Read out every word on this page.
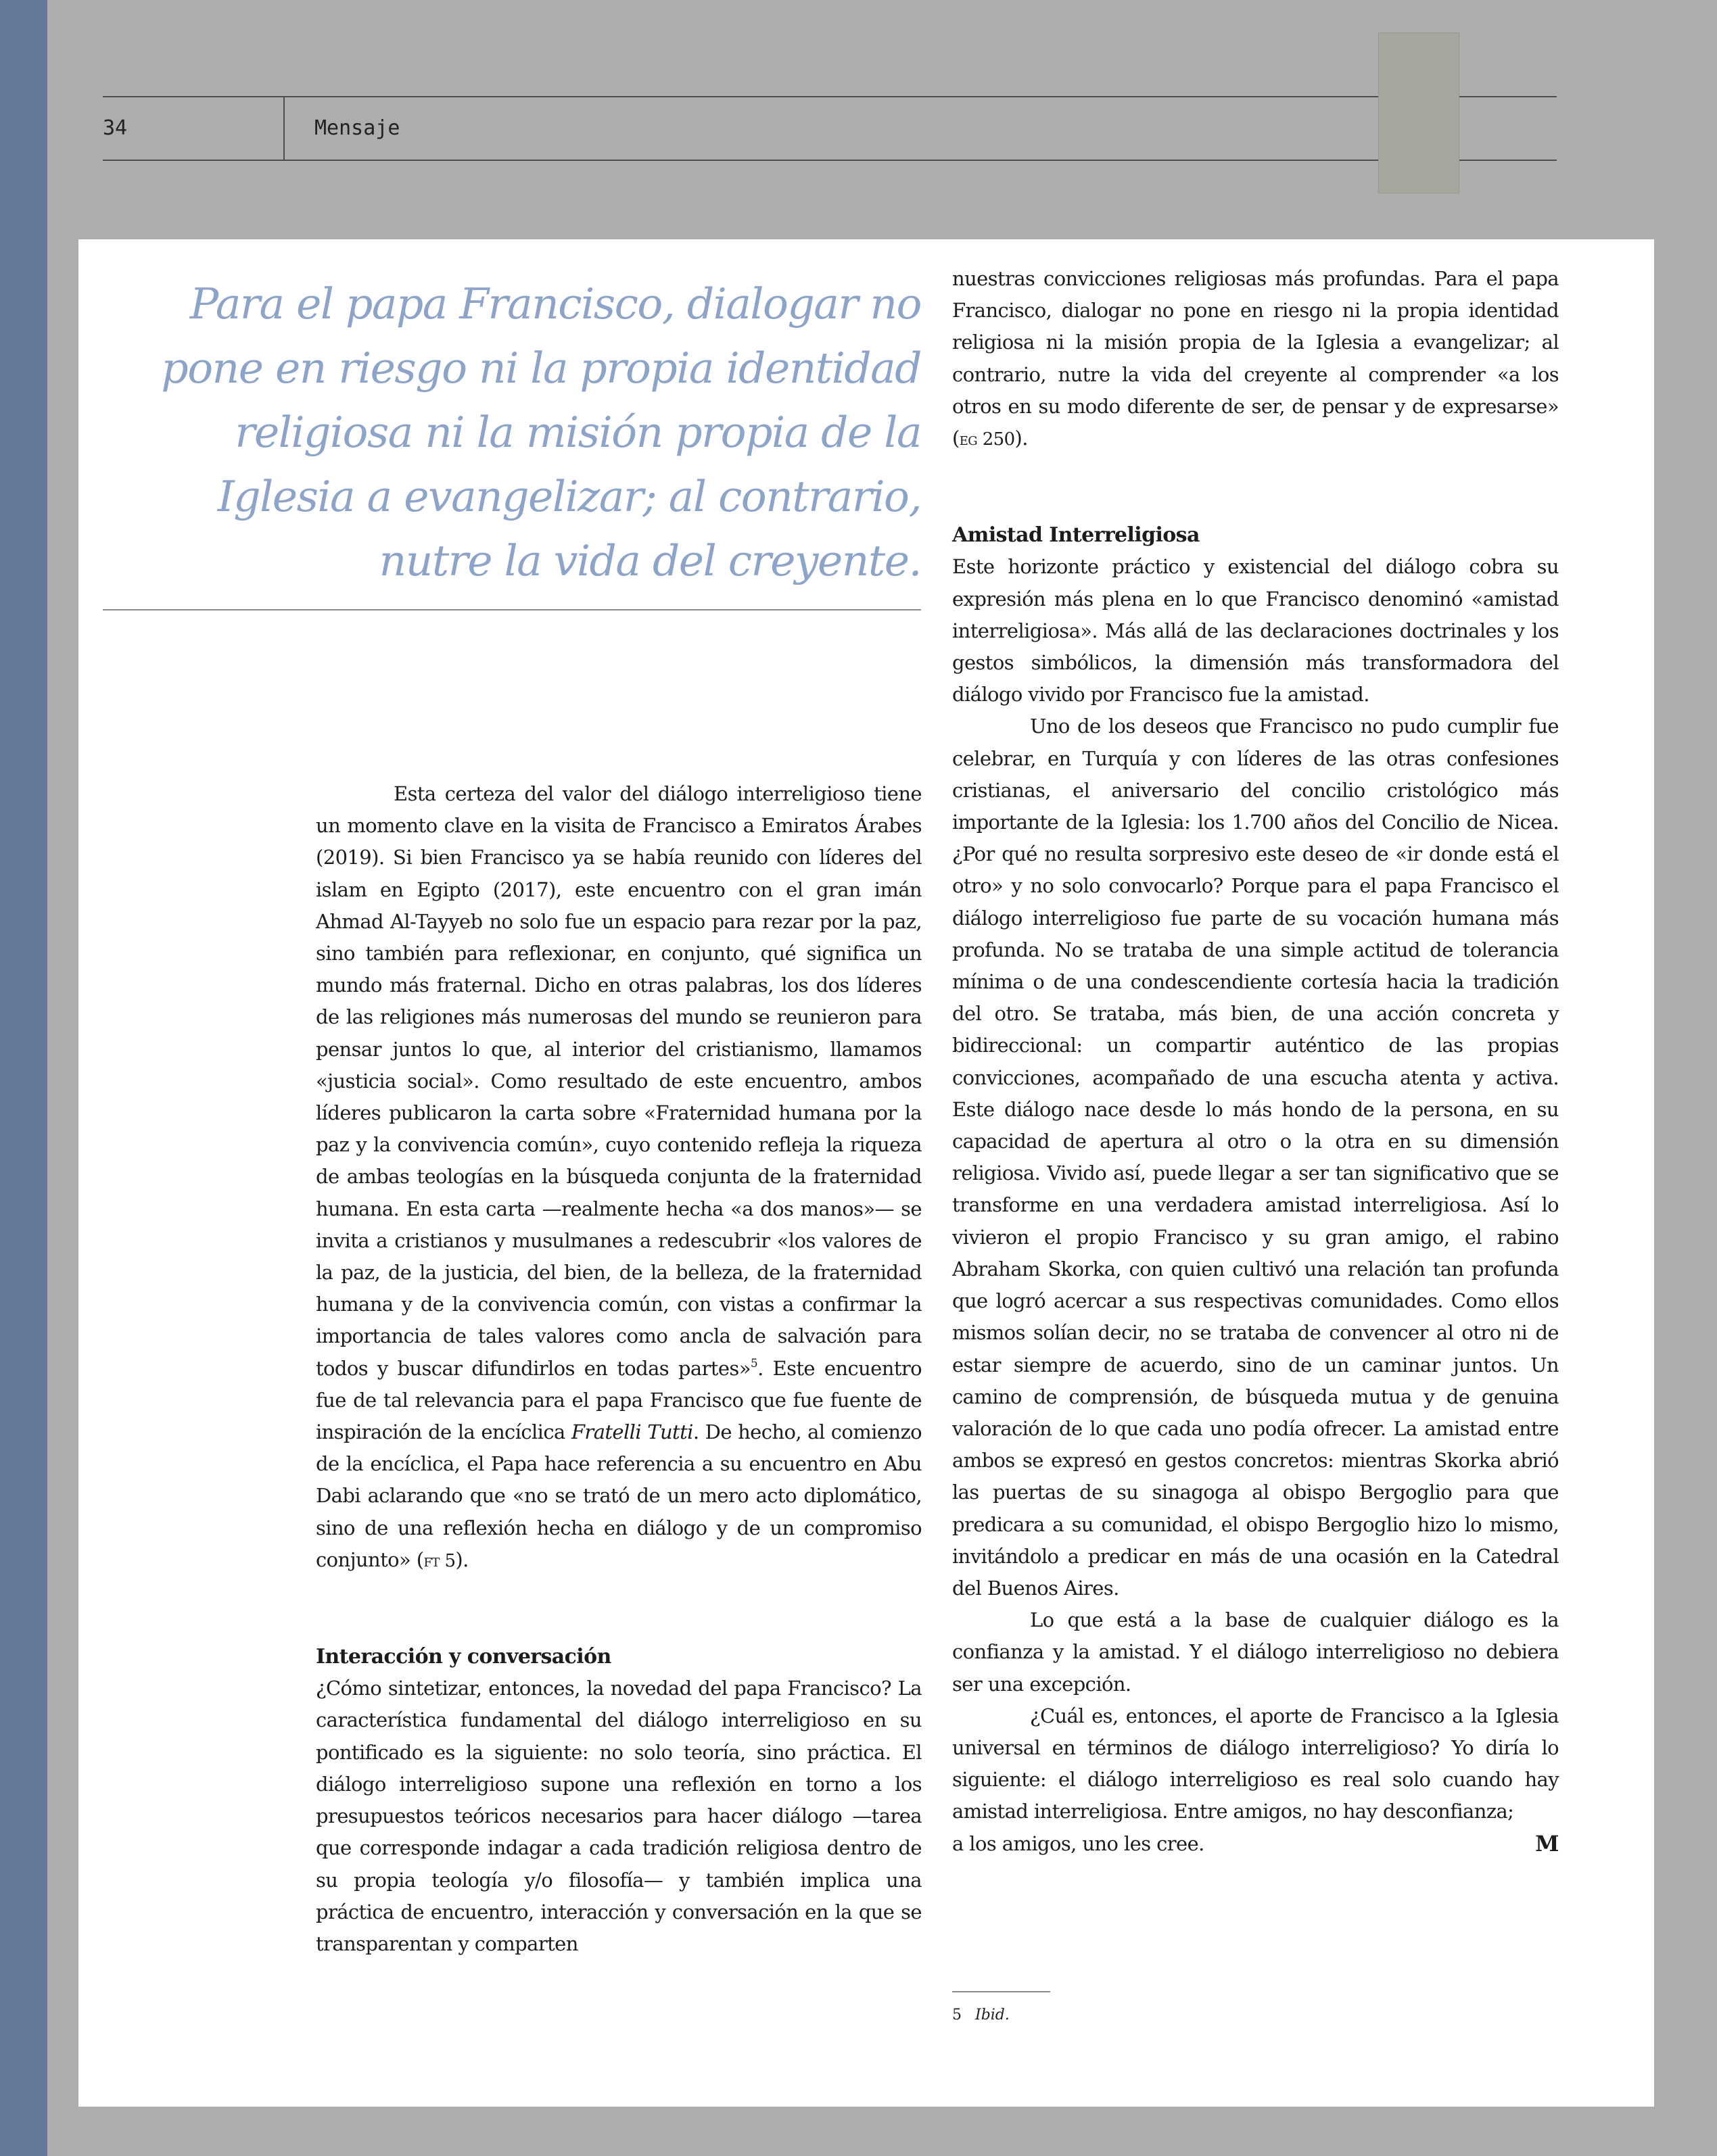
34	Mensaje
Para el papa Francisco, dialogar no pone en riesgo ni la propia identidad religiosa ni la misión propia de la Iglesia a evangelizar; al contrario, nutre la vida del creyente.

Esta certeza del valor del diálogo interreligioso tiene un momento clave en la visita de Francisco a Emiratos Árabes (2019). Si bien Francisco ya se había reunido con líderes del islam en Egipto (2017), este encuentro con el gran imán Ahmad Al-Tayyeb no solo fue un espacio para rezar por la paz, sino también para reflexionar, en conjunto, qué significa un mundo más fraternal. Dicho en otras palabras, los dos líderes de las religiones más numerosas del mundo se reunieron para pensar juntos lo que, al interior del cristianismo, llamamos «justicia social». Como resultado de este encuentro, ambos líderes publicaron la carta sobre «Fraternidad humana por la paz y la convivencia común», cuyo contenido refleja la riqueza de ambas teologías en la búsqueda conjunta de la fraternidad humana. En esta carta —realmente hecha «a dos manos»— se invita a cristianos y musulmanes a redescubrir «los valores de la paz, de la justicia, del bien, de la belleza, de la fraternidad humana y de la convivencia común, con vistas a confirmar la importancia de tales valores como ancla de salvación para todos y buscar difundirlos en todas partes»$^5$. Este encuentro fue de tal relevancia para el papa Francisco que fue fuente de inspiración de la encíclica Fratelli Tutti. De hecho, al comienzo de la encíclica, el Papa hace referencia a su encuentro en Abu Dabi aclarando que «no se trató de un mero acto diplomático, sino de una reflexión hecha en diálogo y de un compromiso conjunto» (ft 5).

Interacción y conversación

¿Cómo sintetizar, entonces, la novedad del papa Francisco? La característica fundamental del diálogo interreligioso en su pontificado es la siguiente: no solo teoría, sino práctica. El diálogo interreligioso supone una reflexión en torno a los presupuestos teóricos necesarios para hacer diálogo —tarea que corresponde indagar a cada tradición religiosa dentro de su propia teología y/o filosofía— y también implica una práctica de encuentro, interacción y conversación en la que se transparentan y comparten

nuestras convicciones religiosas más profundas. Para el papa Francisco, dialogar no pone en riesgo ni la propia identidad religiosa ni la misión propia de la Iglesia a evangelizar; al contrario, nutre la vida del creyente al comprender «a los otros en su modo diferente de ser, de pensar y de expresarse» (eg 250).

Amistad Interreligiosa

Este horizonte práctico y existencial del diálogo cobra su expresión más plena en lo que Francisco denominó «amistad interreligiosa». Más allá de las declaraciones doctrinales y los gestos simbólicos, la dimensión más transformadora del diálogo vivido por Francisco fue la amistad.

Uno de los deseos que Francisco no pudo cumplir fue celebrar, en Turquía y con líderes de las otras confesiones cristianas, el aniversario del concilio cristológico más importante de la Iglesia: los 1.700 años del Concilio de Nicea. ¿Por qué no resulta sorpresivo este deseo de «ir donde está el otro» y no solo convocarlo? Porque para el papa Francisco el diálogo interreligioso fue parte de su vocación humana más profunda. No se trataba de una simple actitud de tolerancia mínima o de una condescendiente cortesía hacia la tradición del otro. Se trataba, más bien, de una acción concreta y bidireccional: un compartir auténtico de las propias convicciones, acompañado de una escucha atenta y activa. Este diálogo nace desde lo más hondo de la persona, en su capacidad de apertura al otro o la otra en su dimensión religiosa. Vivido así, puede llegar a ser tan significativo que se transforme en una verdadera amistad interreligiosa. Así lo vivieron el propio Francisco y su gran amigo, el rabino Abraham Skorka, con quien cultivó una relación tan profunda que logró acercar a sus respectivas comunidades. Como ellos mismos solían decir, no se trataba de convencer al otro ni de estar siempre de acuerdo, sino de un caminar juntos. Un camino de comprensión, de búsqueda mutua y de genuina valoración de lo que cada uno podía ofrecer. La amistad entre ambos se expresó en gestos concretos: mientras Skorka abrió las puertas de su sinagoga al obispo Bergoglio para que predicara a su comunidad, el obispo Bergoglio hizo lo mismo, invitándolo a predicar en más de una ocasión en la Catedral del Buenos Aires.

Lo que está a la base de cualquier diálogo es la confianza y la amistad. Y el diálogo interreligioso no debiera ser una excepción.

¿Cuál es, entonces, el aporte de Francisco a la Iglesia universal en términos de diálogo interreligioso? Yo diría lo siguiente: el diálogo interreligioso es real solo cuando hay amistad interreligiosa. Entre amigos, no hay desconfianza;

a los amigos, uno les cree.	M
5 Ibid.
